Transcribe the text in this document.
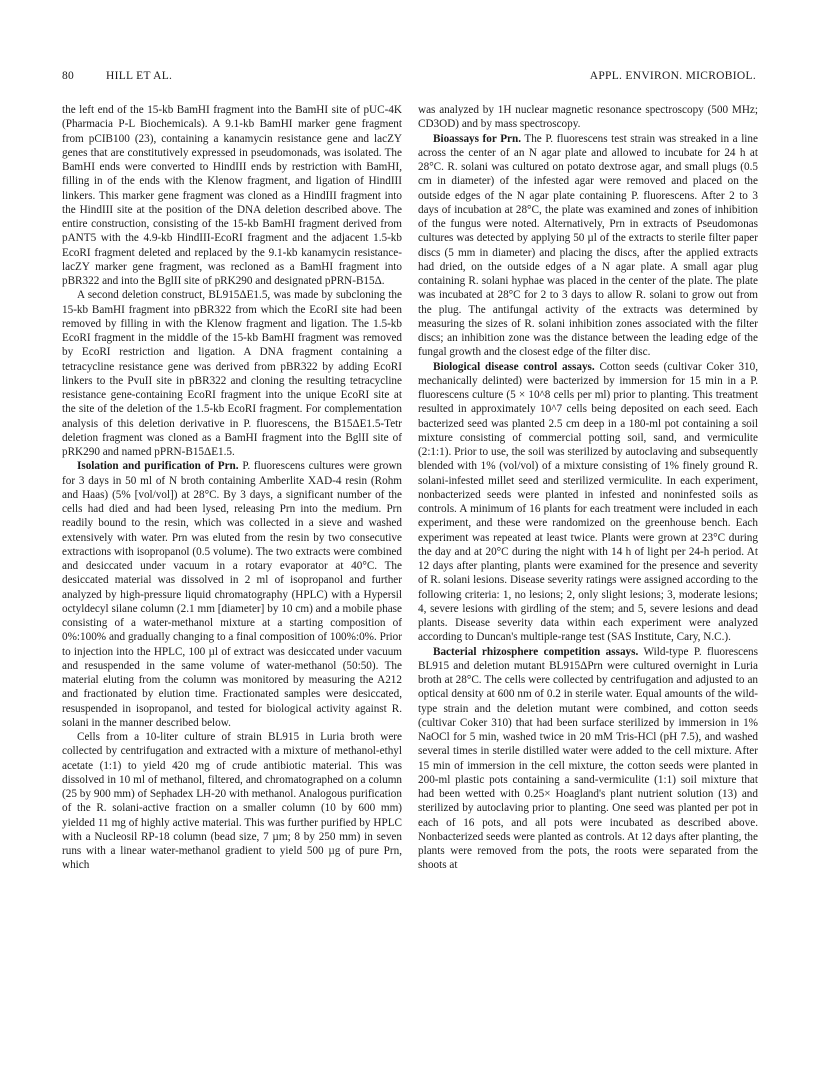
80	HILL ET AL.	APPL. ENVIRON. MICROBIOL.

the left end of the 15-kb BamHI fragment into the BamHI site of pUC-4K (Pharmacia P-L Biochemicals). A 9.1-kb BamHI marker gene fragment from pCIB100 (23), containing a kanamycin resistance gene and lacZY genes that are constitutively expressed in pseudomonads, was isolated. The BamHI ends were converted to HindIII ends by restriction with BamHI, filling in of the ends with the Klenow fragment, and ligation of HindIII linkers. This marker gene fragment was cloned as a HindIII fragment into the HindIII site at the position of the DNA deletion described above. The entire construction, consisting of the 15-kb BamHI fragment derived from pANT5 with the 4.9-kb HindIII-EcoRI fragment and the adjacent 1.5-kb EcoRI fragment deleted and replaced by the 9.1-kb kanamycin resistance-lacZY marker gene fragment, was recloned as a BamHI fragment into pBR322 and into the BglII site of pRK290 and designated pPRN-B15Δ.

A second deletion construct, BL915ΔE1.5, was made by subcloning the 15-kb BamHI fragment into pBR322 from which the EcoRI site had been removed by filling in with the Klenow fragment and ligation. The 1.5-kb EcoRI fragment in the middle of the 15-kb BamHI fragment was removed by EcoRI restriction and ligation. A DNA fragment containing a tetracycline resistance gene was derived from pBR322 by adding EcoRI linkers to the PvuII site in pBR322 and cloning the resulting tetracycline resistance gene-containing EcoRI fragment into the unique EcoRI site at the site of the deletion of the 1.5-kb EcoRI fragment. For complementation analysis of this deletion derivative in P. fluorescens, the B15ΔE1.5-Tetr deletion fragment was cloned as a BamHI fragment into the BglII site of pRK290 and named pPRN-B15ΔE1.5.

Isolation and purification of Prn. P. fluorescens cultures were grown for 3 days in 50 ml of N broth containing Amberlite XAD-4 resin (Rohm and Haas) (5% [vol/vol]) at 28°C. By 3 days, a significant number of the cells had died and had been lysed, releasing Prn into the medium. Prn readily bound to the resin, which was collected in a sieve and washed extensively with water. Prn was eluted from the resin by two consecutive extractions with isopropanol (0.5 volume). The two extracts were combined and desiccated under vacuum in a rotary evaporator at 40°C. The desiccated material was dissolved in 2 ml of isopropanol and further analyzed by high-pressure liquid chromatography (HPLC) with a Hypersil octyldecyl silane column (2.1 mm [diameter] by 10 cm) and a mobile phase consisting of a water-methanol mixture at a starting composition of 0%:100% and gradually changing to a final composition of 100%:0%. Prior to injection into the HPLC, 100 µl of extract was desiccated under vacuum and resuspended in the same volume of water-methanol (50:50). The material eluting from the column was monitored by measuring the A212 and fractionated by elution time. Fractionated samples were desiccated, resuspended in isopropanol, and tested for biological activity against R. solani in the manner described below.

Cells from a 10-liter culture of strain BL915 in Luria broth were collected by centrifugation and extracted with a mixture of methanol-ethyl acetate (1:1) to yield 420 mg of crude antibiotic material. This was dissolved in 10 ml of methanol, filtered, and chromatographed on a column (25 by 900 mm) of Sephadex LH-20 with methanol. Analogous purification of the R. solani-active fraction on a smaller column (10 by 600 mm) yielded 11 mg of highly active material. This was further purified by HPLC with a Nucleosil RP-18 column (bead size, 7 µm; 8 by 250 mm) in seven runs with a linear water-methanol gradient to yield 500 µg of pure Prn, which

was analyzed by 1H nuclear magnetic resonance spectroscopy (500 MHz; CD3OD) and by mass spectroscopy.

Bioassays for Prn. The P. fluorescens test strain was streaked in a line across the center of an N agar plate and allowed to incubate for 24 h at 28°C. R. solani was cultured on potato dextrose agar, and small plugs (0.5 cm in diameter) of the infested agar were removed and placed on the outside edges of the N agar plate containing P. fluorescens. After 2 to 3 days of incubation at 28°C, the plate was examined and zones of inhibition of the fungus were noted. Alternatively, Prn in extracts of Pseudomonas cultures was detected by applying 50 µl of the extracts to sterile filter paper discs (5 mm in diameter) and placing the discs, after the applied extracts had dried, on the outside edges of a N agar plate. A small agar plug containing R. solani hyphae was placed in the center of the plate. The plate was incubated at 28°C for 2 to 3 days to allow R. solani to grow out from the plug. The antifungal activity of the extracts was determined by measuring the sizes of R. solani inhibition zones associated with the filter discs; an inhibition zone was the distance between the leading edge of the fungal growth and the closest edge of the filter disc.

Biological disease control assays. Cotton seeds (cultivar Coker 310, mechanically delinted) were bacterized by immersion for 15 min in a P. fluorescens culture (5 × 10^8 cells per ml) prior to planting. This treatment resulted in approximately 10^7 cells being deposited on each seed. Each bacterized seed was planted 2.5 cm deep in a 180-ml pot containing a soil mixture consisting of commercial potting soil, sand, and vermiculite (2:1:1). Prior to use, the soil was sterilized by autoclaving and subsequently blended with 1% (vol/vol) of a mixture consisting of 1% finely ground R. solani-infested millet seed and sterilized vermiculite. In each experiment, nonbacterized seeds were planted in infested and noninfested soils as controls. A minimum of 16 plants for each treatment were included in each experiment, and these were randomized on the greenhouse bench. Each experiment was repeated at least twice. Plants were grown at 23°C during the day and at 20°C during the night with 14 h of light per 24-h period. At 12 days after planting, plants were examined for the presence and severity of R. solani lesions. Disease severity ratings were assigned according to the following criteria: 1, no lesions; 2, only slight lesions; 3, moderate lesions; 4, severe lesions with girdling of the stem; and 5, severe lesions and dead plants. Disease severity data within each experiment were analyzed according to Duncan's multiple-range test (SAS Institute, Cary, N.C.).

Bacterial rhizosphere competition assays. Wild-type P. fluorescens BL915 and deletion mutant BL915ΔPrn were cultured overnight in Luria broth at 28°C. The cells were collected by centrifugation and adjusted to an optical density at 600 nm of 0.2 in sterile water. Equal amounts of the wild-type strain and the deletion mutant were combined, and cotton seeds (cultivar Coker 310) that had been surface sterilized by immersion in 1% NaOCl for 5 min, washed twice in 20 mM Tris-HCl (pH 7.5), and washed several times in sterile distilled water were added to the cell mixture. After 15 min of immersion in the cell mixture, the cotton seeds were planted in 200-ml plastic pots containing a sand-vermiculite (1:1) soil mixture that had been wetted with 0.25× Hoagland's plant nutrient solution (13) and sterilized by autoclaving prior to planting. One seed was planted per pot in each of 16 pots, and all pots were incubated as described above. Nonbacterized seeds were planted as controls. At 12 days after planting, the plants were removed from the pots, the roots were separated from the shoots at
